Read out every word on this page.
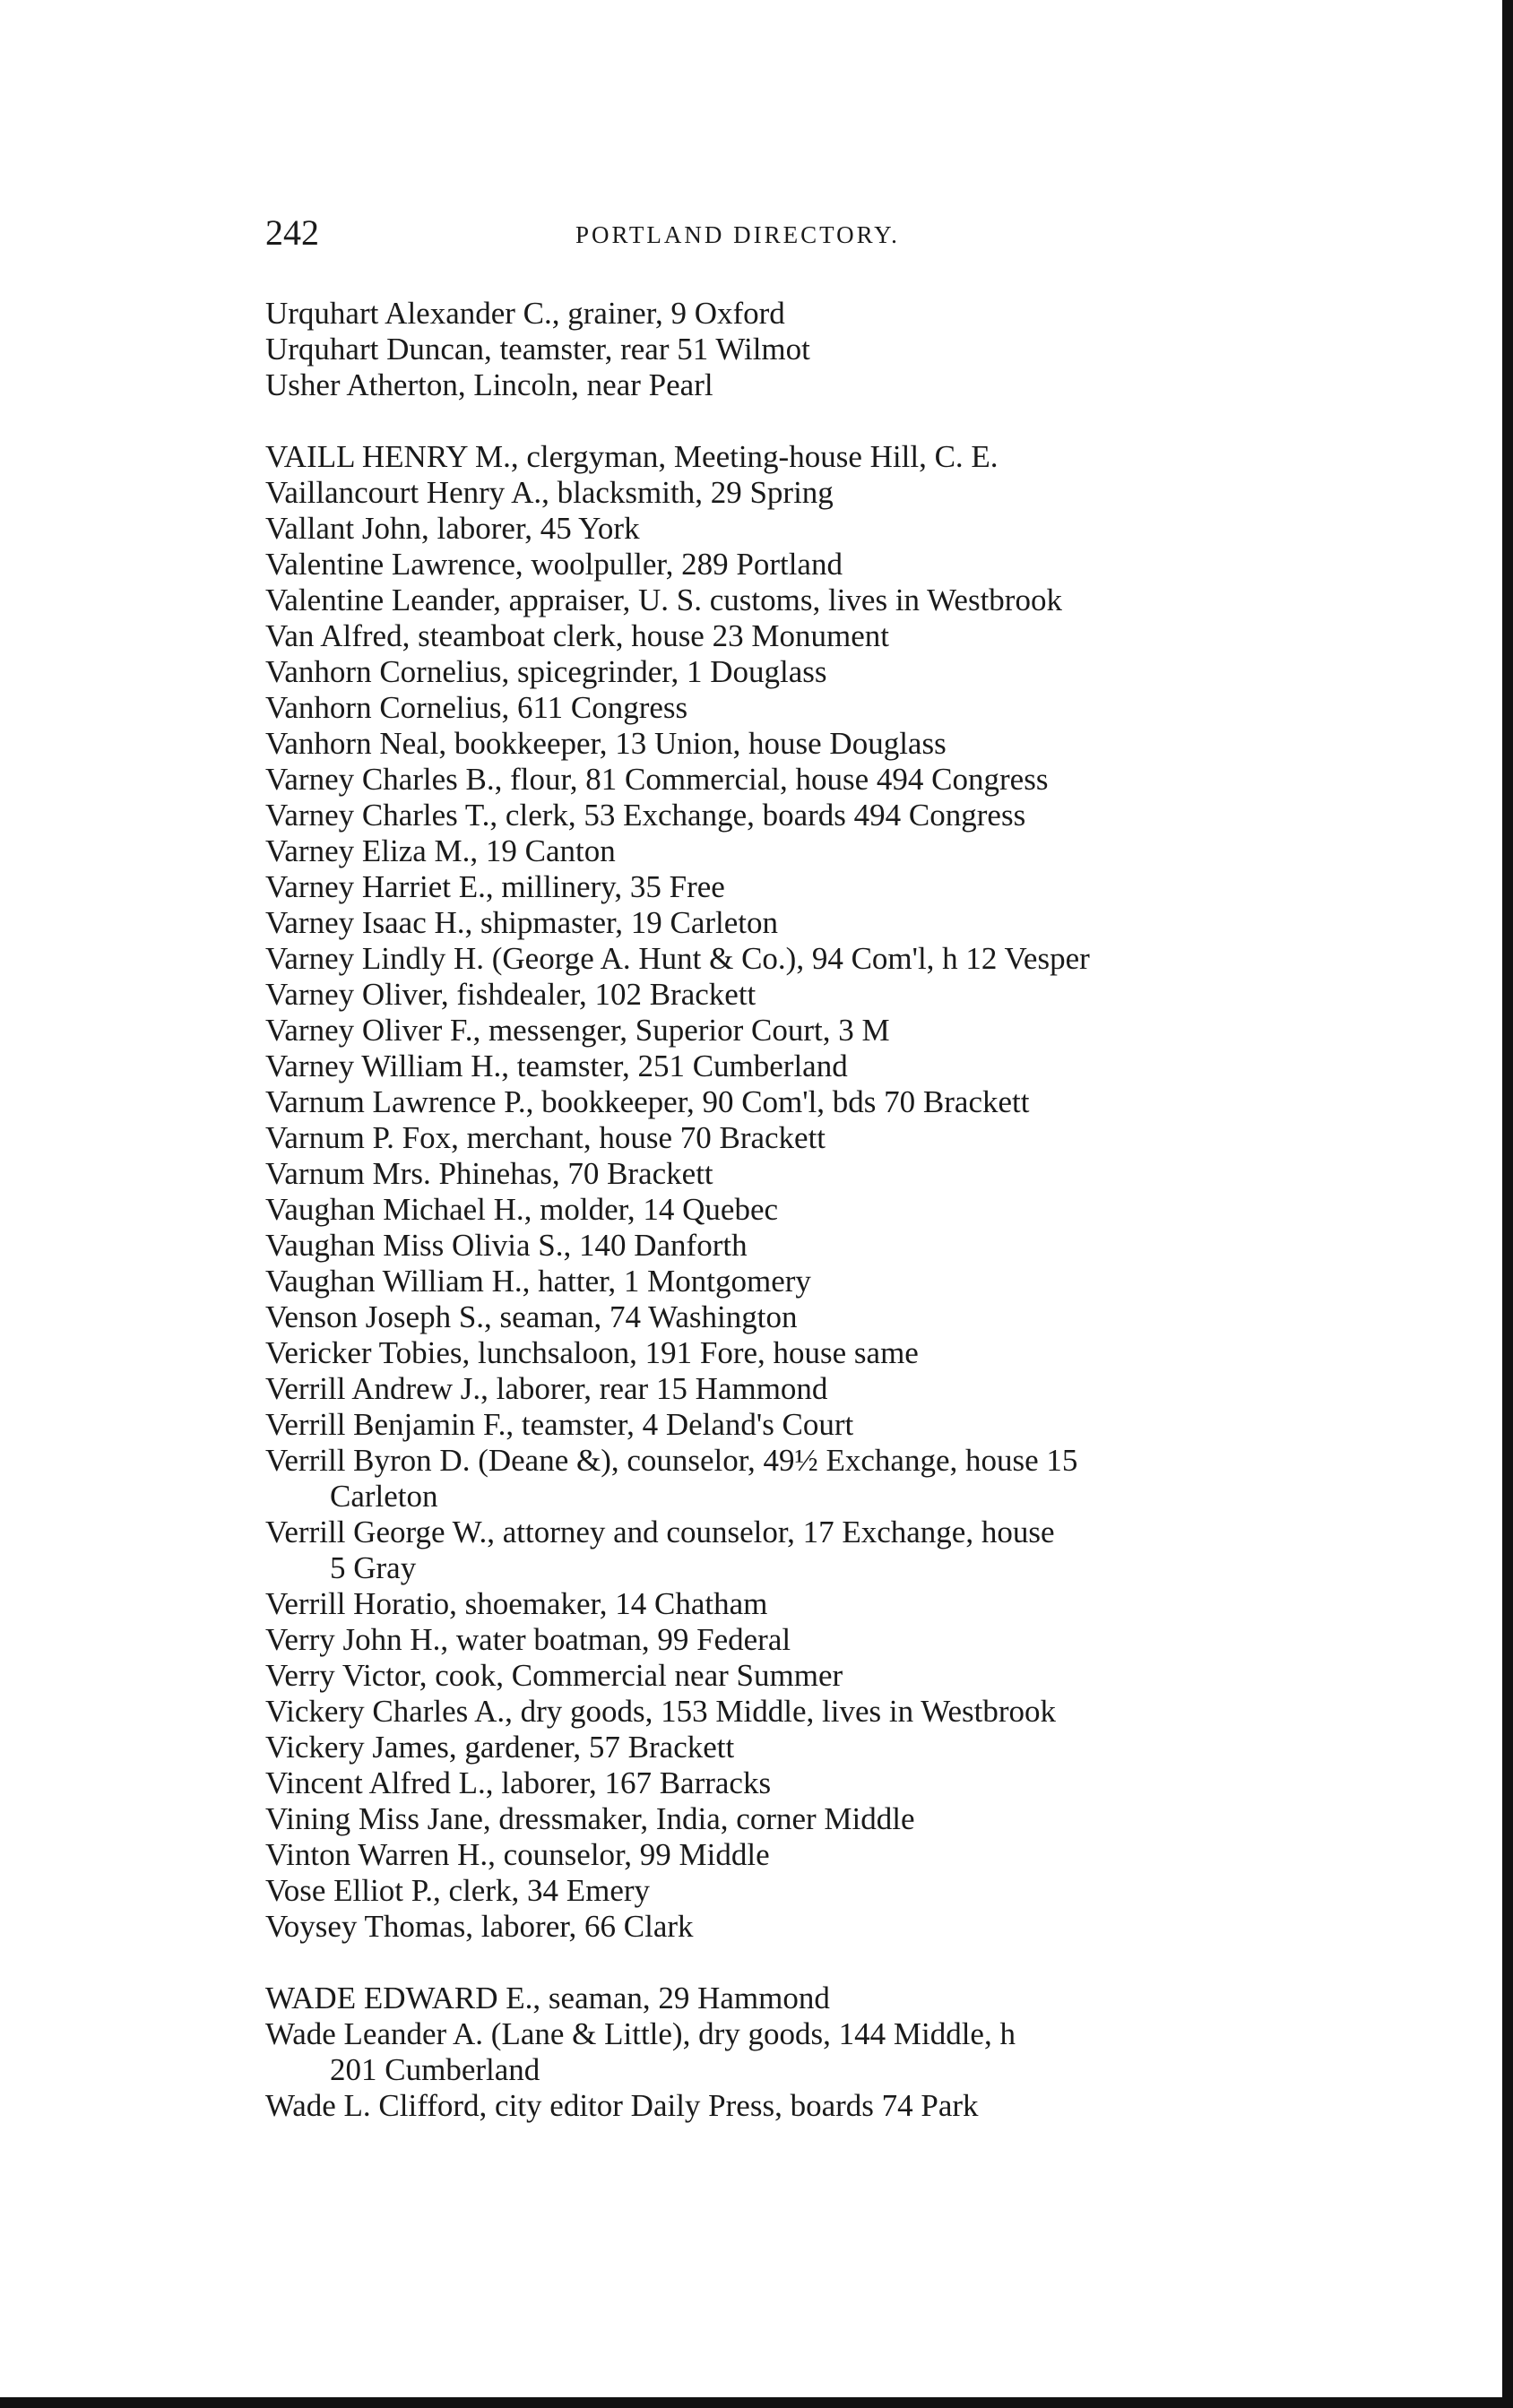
242	PORTLAND DIRECTORY.

Urquhart Alexander C., grainer, 9 Oxford

Urquhart Duncan, teamster, rear 51 Wilmot

Usher Atherton, Lincoln, near Pearl

VAILL HENRY M., clergyman, Meeting-house Hill, C. E.

Vaillancourt Henry A., blacksmith, 29 Spring

Vallant John, laborer, 45 York

Valentine Lawrence, woolpuller, 289 Portland

Valentine Leander, appraiser, U. S. customs, lives in Westbrook

Van Alfred, steamboat clerk, house 23 Monument

Vanhorn Cornelius, spicegrinder, 1 Douglass

Vanhorn Cornelius, 611 Congress

Vanhorn Neal, bookkeeper, 13 Union, house Douglass

Varney Charles B., flour, 81 Commercial, house 494 Congress

Varney Charles T., clerk, 53 Exchange, boards 494 Congress

Varney Eliza M., 19 Canton

Varney Harriet E., millinery, 35 Free

Varney Isaac H., shipmaster, 19 Carleton

Varney Lindly H. (George A. Hunt & Co.), 94 Com'l, h 12 Vesper

Varney Oliver, fishdealer, 102 Brackett

Varney Oliver F., messenger, Superior Court, 3 M

Varney William H., teamster, 251 Cumberland

Varnum Lawrence P., bookkeeper, 90 Com'l, bds 70 Brackett

Varnum P. Fox, merchant, house 70 Brackett

Varnum Mrs. Phinehas, 70 Brackett

Vaughan Michael H., molder, 14 Quebec

Vaughan Miss Olivia S., 140 Danforth

Vaughan William H., hatter, 1 Montgomery

Venson Joseph S., seaman, 74 Washington

Vericker Tobies, lunchsaloon, 191 Fore, house same

Verrill Andrew J., laborer, rear 15 Hammond

Verrill Benjamin F., teamster, 4 Deland's Court

Verrill Byron D. (Deane &), counselor, 49½ Exchange, house 15

Carleton

Verrill George W., attorney and counselor, 17 Exchange, house

5 Gray

Verrill Horatio, shoemaker, 14 Chatham

Verry John H., water boatman, 99 Federal

Verry Victor, cook, Commercial near Summer

Vickery Charles A., dry goods, 153 Middle, lives in Westbrook

Vickery James, gardener, 57 Brackett

Vincent Alfred L., laborer, 167 Barracks

Vining Miss Jane, dressmaker, India, corner Middle

Vinton Warren H., counselor, 99 Middle

Vose Elliot P., clerk, 34 Emery

Voysey Thomas, laborer, 66 Clark

WADE EDWARD E., seaman, 29 Hammond

Wade Leander A. (Lane & Little), dry goods, 144 Middle, h

201 Cumberland

Wade L. Clifford, city editor Daily Press, boards 74 Park
